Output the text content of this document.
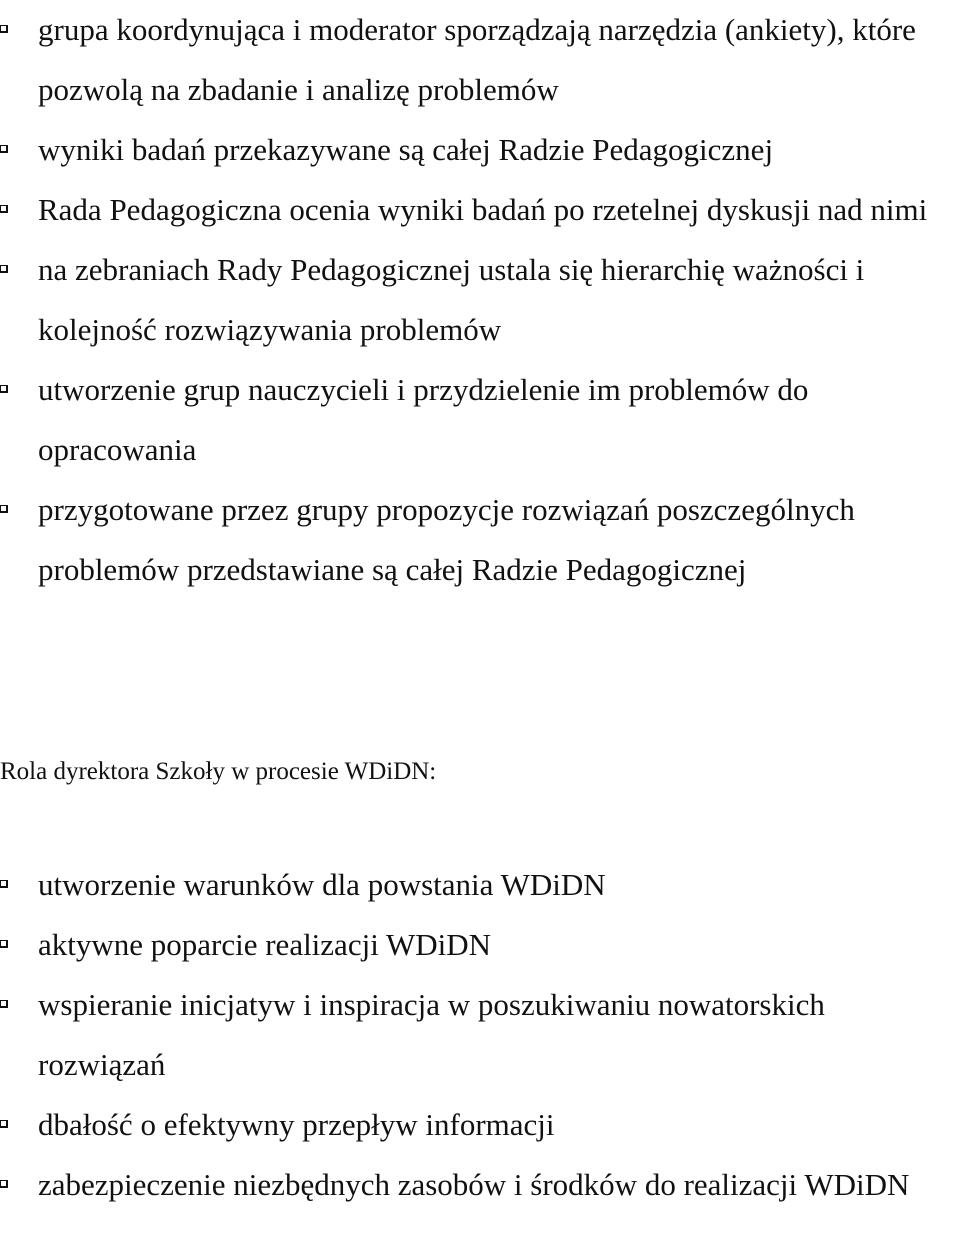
grupa koordynująca i moderator sporządzają narzędzia (ankiety), które pozwolą na zbadanie i analizę problemów
wyniki badań przekazywane są całej Radzie Pedagogicznej
Rada Pedagogiczna ocenia wyniki badań po rzetelnej dyskusji nad nimi
na zebraniach Rady Pedagogicznej ustala się hierarchię ważności i kolejność rozwiązywania problemów
utworzenie grup nauczycieli i przydzielenie im problemów do opracowania
przygotowane przez grupy propozycje rozwiązań poszczególnych problemów przedstawiane są całej Radzie Pedagogicznej

Rola dyrektora Szkoły w procesie WDiDN:

utworzenie warunków dla powstania WDiDN
aktywne poparcie realizacji WDiDN
wspieranie inicjatyw i inspiracja w poszukiwaniu nowatorskich rozwiązań
dbałość o efektywny przepływ informacji
zabezpieczenie niezbędnych zasobów i środków do realizacji WDiDN
